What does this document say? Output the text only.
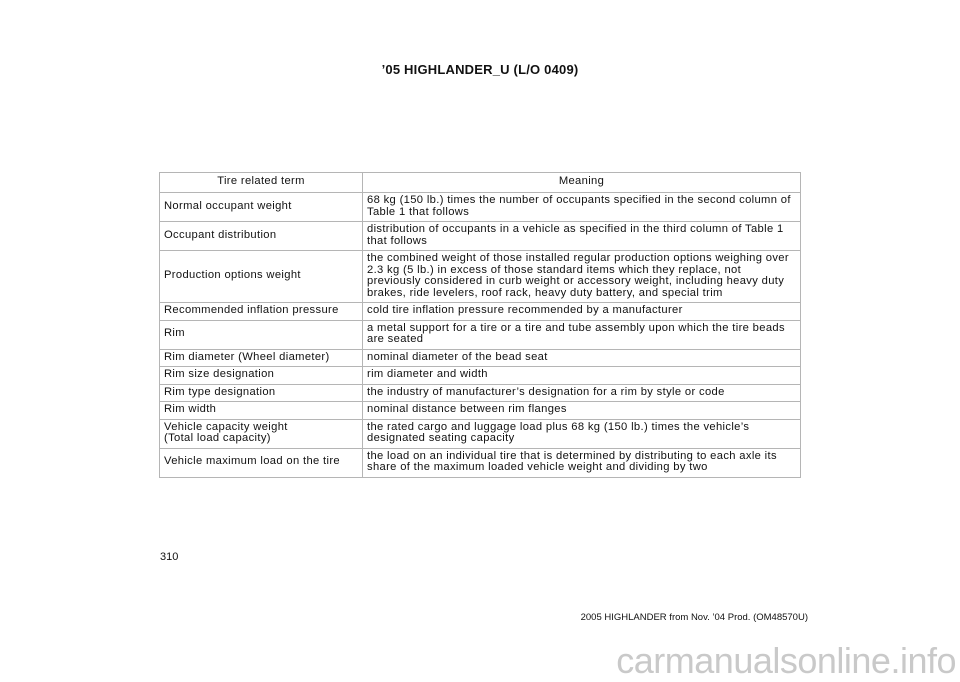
’05 HIGHLANDER_U (L/O 0409)
Tire related term	Meaning
Normal occupant weight	68 kg (150 lb.) times the number of occupants specified in the second column of Table 1 that follows
Occupant distribution	distribution of occupants in a vehicle as specified in the third column of Table 1 that follows
Production options weight	the combined weight of those installed regular production options weighing over 2.3 kg (5 lb.) in excess of those standard items which they replace, not previously considered in curb weight or accessory weight, including heavy duty brakes, ride levelers, roof rack, heavy duty battery, and special trim
Recommended inflation pressure	cold tire inflation pressure recommended by a manufacturer
Rim	a metal support for a tire or a tire and tube assembly upon which the tire beads are seated
Rim diameter (Wheel diameter)	nominal diameter of the bead seat
Rim size designation	rim diameter and width
Rim type designation	the industry of manufacturer’s designation for a rim by style or code
Rim width	nominal distance between rim flanges
Vehicle capacity weight
(Total load capacity)	the rated cargo and luggage load plus 68 kg (150 lb.) times the vehicle’s designated seating capacity
Vehicle maximum load on the tire	the load on an individual tire that is determined by distributing to each axle its share of the maximum loaded vehicle weight and dividing by two
310
2005 HIGHLANDER from Nov. ’04 Prod. (OM48570U)
carmanualsonline.info
